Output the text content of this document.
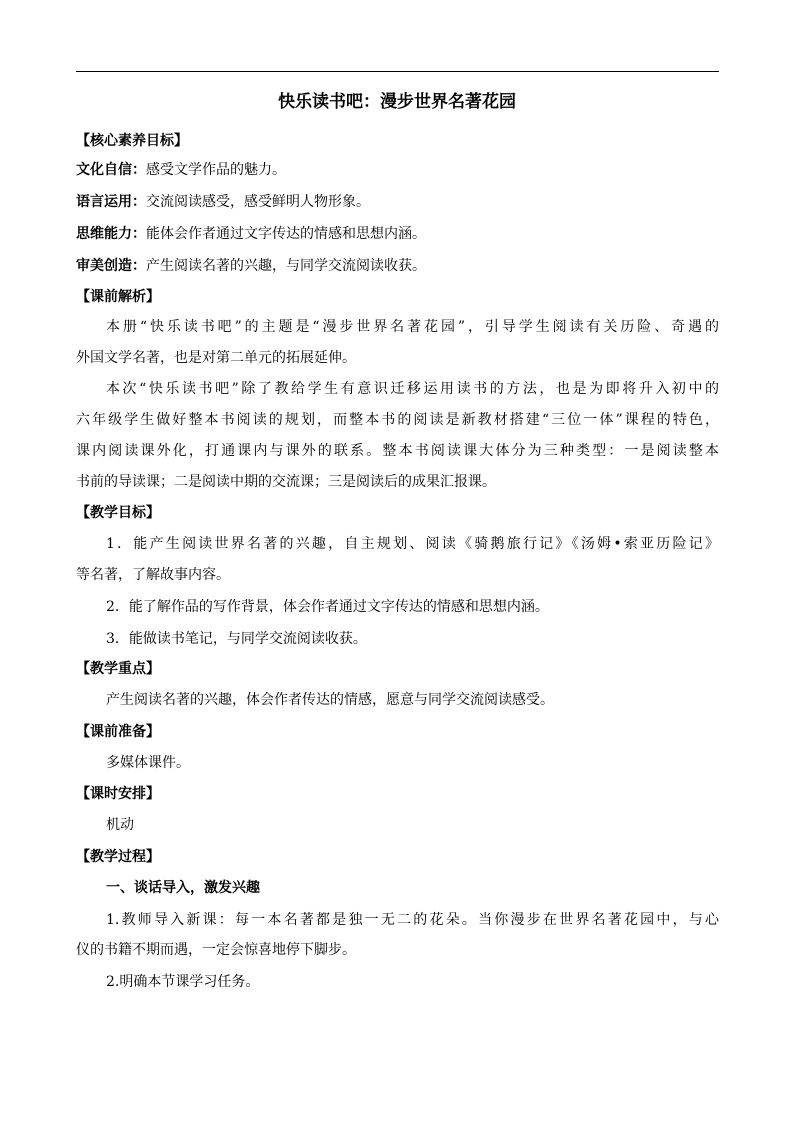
快乐读书吧：漫步世界名著花园
【核心素养目标】
文化自信：感受文学作品的魅力。
语言运用：交流阅读感受，感受鲜明人物形象。
思维能力：能体会作者通过文字传达的情感和思想内涵。
审美创造：产生阅读名著的兴趣，与同学交流阅读收获。
【课前解析】
本册“快乐读书吧”的主题是“漫步世界名著花园”，引导学生阅读有关历险、奇遇的
外国文学名著，也是对第二单元的拓展延伸。
本次“快乐读书吧”除了教给学生有意识迁移运用读书的方法，也是为即将升入初中的
六年级学生做好整本书阅读的规划，而整本书的阅读是新教材搭建“三位一体”课程的特色，
课内阅读课外化，打通课内与课外的联系。整本书阅读课大体分为三种类型：一是阅读整本
书前的导读课；二是阅读中期的交流课；三是阅读后的成果汇报课。
【教学目标】
1．能产生阅读世界名著的兴趣，自主规划、阅读《骑鹅旅行记》《汤姆•索亚历险记》
等名著，了解故事内容。
2．能了解作品的写作背景，体会作者通过文字传达的情感和思想内涵。
3．能做读书笔记，与同学交流阅读收获。
【教学重点】
产生阅读名著的兴趣，体会作者传达的情感，愿意与同学交流阅读感受。
【课前准备】
多媒体课件。
【课时安排】
机动
【教学过程】
一、谈话导入，激发兴趣
1.教师导入新课：每一本名著都是独一无二的花朵。当你漫步在世界名著花园中，与心
仪的书籍不期而遇，一定会惊喜地停下脚步。
2.明确本节课学习任务。
